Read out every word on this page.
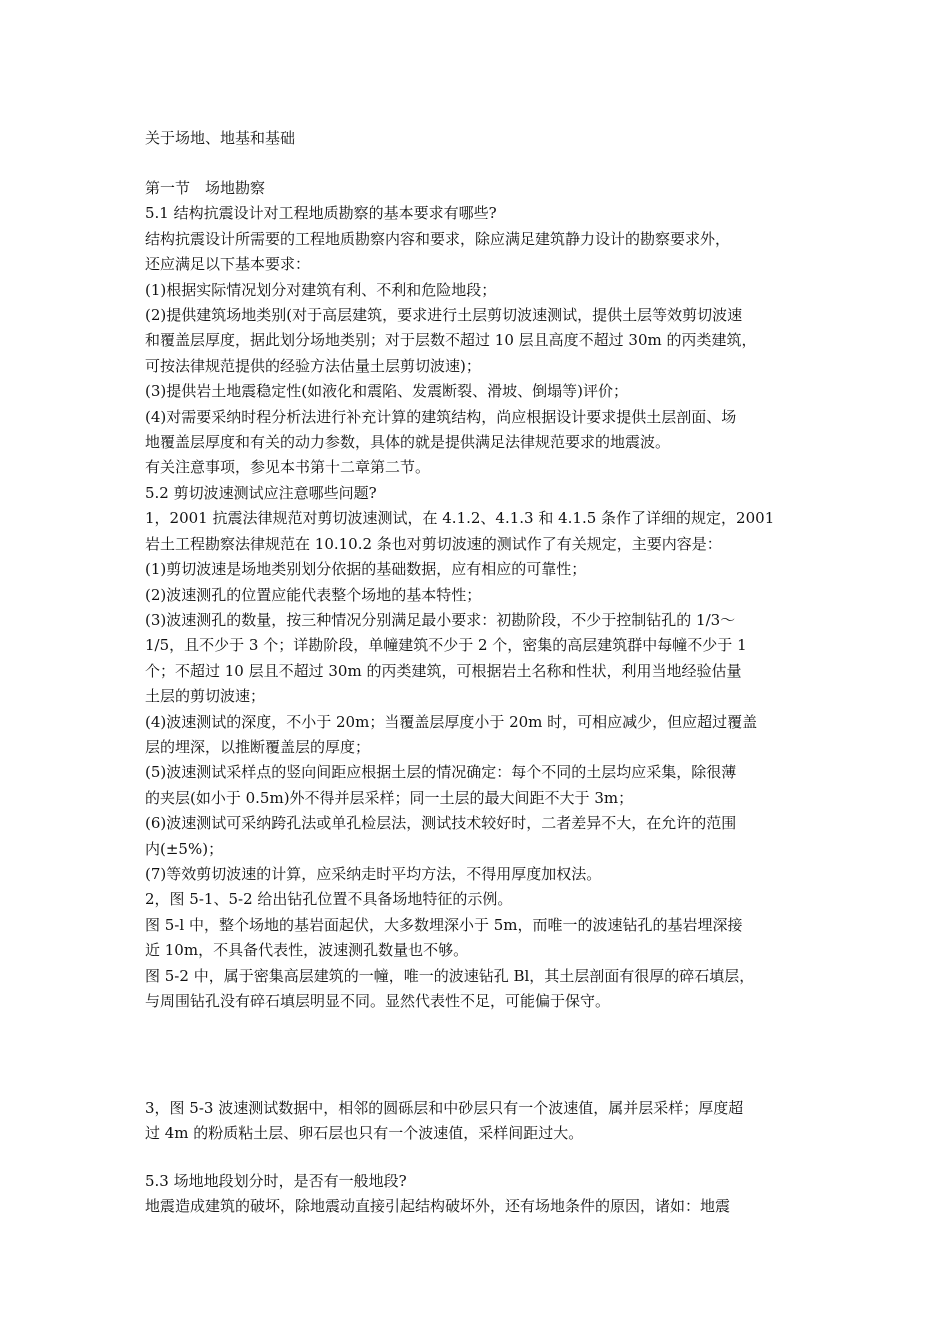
关于场地、地基和基础

第一节　场地勘察

5.1 结构抗震设计对工程地质勘察的基本要求有哪些?

结构抗震设计所需要的工程地质勘察内容和要求，除应满足建筑静力设计的勘察要求外，

还应满足以下基本要求：

(1)根据实际情况划分对建筑有利、不利和危险地段；

(2)提供建筑场地类别(对于高层建筑，要求进行土层剪切波速测试，提供土层等效剪切波速

和覆盖层厚度，据此划分场地类别；对于层数不超过 10 层且高度不超过 30m 的丙类建筑，

可按法律规范提供的经验方法估量土层剪切波速)；

(3)提供岩土地震稳定性(如液化和震陷、发震断裂、滑坡、倒塌等)评价；

(4)对需要采纳时程分析法进行补充计算的建筑结构，尚应根据设计要求提供土层剖面、场

地覆盖层厚度和有关的动力参数，具体的就是提供满足法律规范要求的地震波。

有关注意事项，参见本书第十二章第二节。

5.2 剪切波速测试应注意哪些问题?

1，2001 抗震法律规范对剪切波速测试，在 4.1.2、4.1.3 和 4.1.5 条作了详细的规定，2001

岩土工程勘察法律规范在 10.10.2 条也对剪切波速的测试作了有关规定，主要内容是：

(1)剪切波速是场地类别划分依据的基础数据，应有相应的可靠性；

(2)波速测孔的位置应能代表整个场地的基本特性；

(3)波速测孔的数量，按三种情况分别满足最小要求：初勘阶段，不少于控制钻孔的 1/3～

1/5，且不少于 3 个；详勘阶段，单幢建筑不少于 2 个，密集的高层建筑群中每幢不少于 1

个；不超过 10 层且不超过 30m 的丙类建筑，可根据岩土名称和性状，利用当地经验估量

土层的剪切波速；

(4)波速测试的深度，不小于 20m；当覆盖层厚度小于 20m 时，可相应减少，但应超过覆盖

层的埋深，以推断覆盖层的厚度；

(5)波速测试采样点的竖向间距应根据土层的情况确定：每个不同的土层均应采集，除很薄

的夹层(如小于 0.5m)外不得并层采样；同一土层的最大间距不大于 3m；

(6)波速测试可采纳跨孔法或单孔检层法，测试技术较好时，二者差异不大，在允许的范围

内(±5%)；

(7)等效剪切波速的计算，应采纳走时平均方法，不得用厚度加权法。

2，图 5-1、5-2 给出钻孔位置不具备场地特征的示例。

图 5-l 中，整个场地的基岩面起伏，大多数埋深小于 5m，而唯一的波速钻孔的基岩埋深接

近 10m，不具备代表性，波速测孔数量也不够。

图 5-2 中，属于密集高层建筑的一幢，唯一的波速钻孔 Bl，其土层剖面有很厚的碎石填层，

与周围钻孔没有碎石填层明显不同。显然代表性不足，可能偏于保守。

3，图 5-3 波速测试数据中，相邻的圆砾层和中砂层只有一个波速值，属并层采样；厚度超

过 4m 的粉质粘土层、卵石层也只有一个波速值，采样间距过大。

5.3 场地地段划分时，是否有一般地段?

地震造成建筑的破坏，除地震动直接引起结构破坏外，还有场地条件的原因，诸如：地震
